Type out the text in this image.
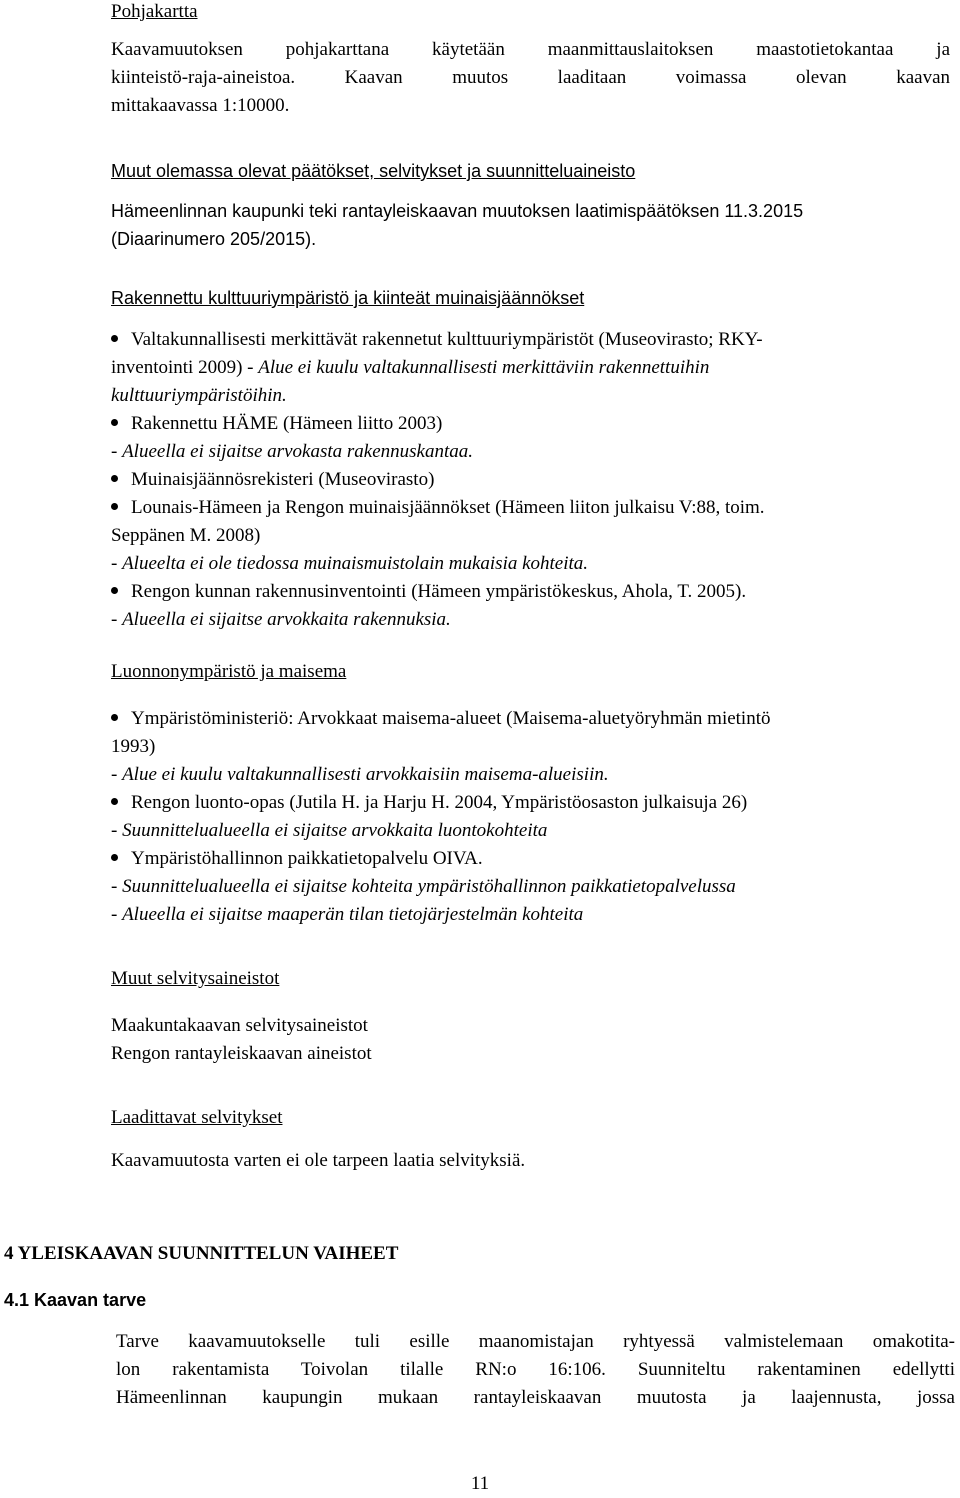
Pohjakartta
Kaavamuutoksen pohjakarttana käytetään maanmittauslaitoksen maastotietokantaa ja
kiinteistö-raja-aineistoa. Kaavan muutos laaditaan voimassa olevan kaavan
mittakaavassa 1:10000.
Muut olemassa olevat päätökset, selvitykset ja suunnitteluaineisto
Hämeenlinnan kaupunki teki rantayleiskaavan muutoksen laatimispäätöksen 11.3.2015
(Diaarinumero 205/2015).
Rakennettu kulttuuriympäristö ja kiinteät muinaisjäännökset
Valtakunnallisesti merkittävät rakennetut kulttuuriympäristöt (Museovirasto; RKY-
inventointi 2009) - Alue ei kuulu valtakunnallisesti merkittäviin rakennettuihin
kulttuuriympäristöihin.
Rakennettu HÄME (Hämeen liitto 2003)
- Alueella ei sijaitse arvokasta rakennuskantaa.
Muinaisjäännösrekisteri (Museovirasto)
Lounais-Hämeen ja Rengon muinaisjäännökset (Hämeen liiton julkaisu V:88, toim.
Seppänen M. 2008)
- Alueelta ei ole tiedossa muinaismuistolain mukaisia kohteita.
Rengon kunnan rakennusinventointi (Hämeen ympäristökeskus, Ahola, T. 2005).
- Alueella ei sijaitse arvokkaita rakennuksia.
Luonnonympäristö ja maisema
Ympäristöministeriö: Arvokkaat maisema-alueet (Maisema-aluetyöryhmän mietintö
1993)
- Alue ei kuulu valtakunnallisesti arvokkaisiin maisema-alueisiin.
Rengon luonto-opas (Jutila H. ja Harju H. 2004, Ympäristöosaston julkaisuja 26)
- Suunnittelualueella ei sijaitse arvokkaita luontokohteita
Ympäristöhallinnon paikkatietopalvelu OIVA.
- Suunnittelualueella ei sijaitse kohteita ympäristöhallinnon paikkatietopalvelussa
- Alueella ei sijaitse maaperän tilan tietojärjestelmän kohteita
Muut selvitysaineistot
Maakuntakaavan selvitysaineistot
Rengon rantayleiskaavan aineistot
Laadittavat selvitykset
Kaavamuutosta varten ei ole tarpeen laatia selvityksiä.
4 YLEISKAAVAN SUUNNITTELUN VAIHEET
4.1 Kaavan tarve
Tarve kaavamuutokselle tuli esille maanomistajan ryhtyessä valmistelemaan omakotita-
lon rakentamista Toivolan tilalle RN:o 16:106. Suunniteltu rakentaminen edellytti
Hämeenlinnan kaupungin mukaan rantayleiskaavan muutosta ja laajennusta, jossa
11
